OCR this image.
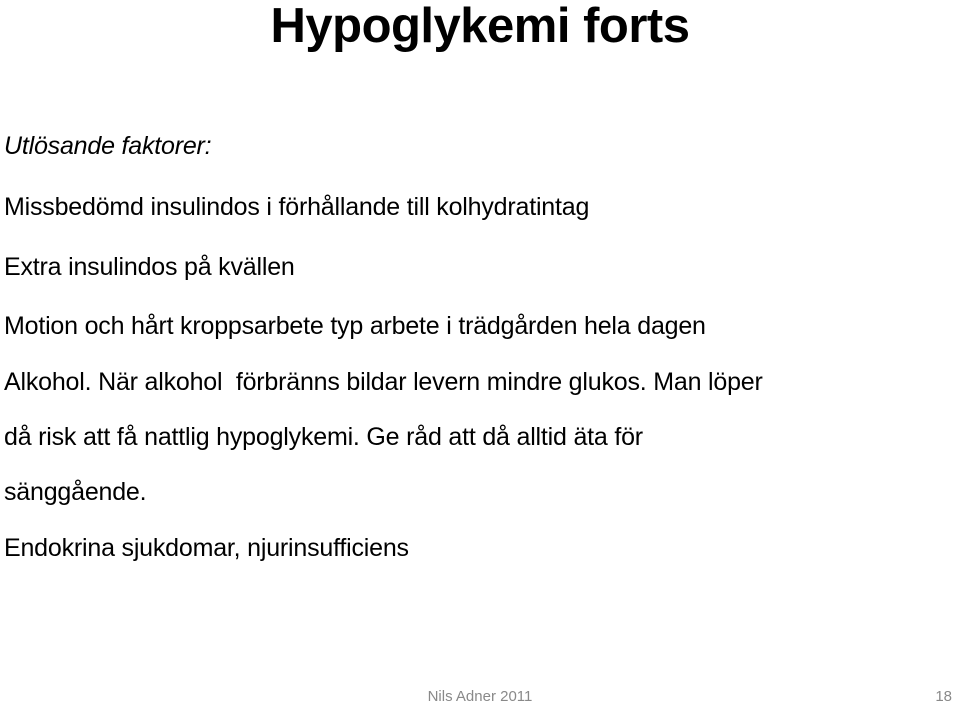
Hypoglykemi forts
Utlösande faktorer:
Missbedömd insulindos i förhållande till kolhydratintag
Extra insulindos på kvällen
Motion och hårt kroppsarbete typ arbete i trädgården hela dagen
Alkohol. När alkohol  förbränns bildar levern mindre glukos. Man löper
då risk att få nattlig hypoglykemi. Ge råd att då alltid äta för
sänggående.
Endokrina sjukdomar, njurinsufficiens
Nils Adner 2011	18
